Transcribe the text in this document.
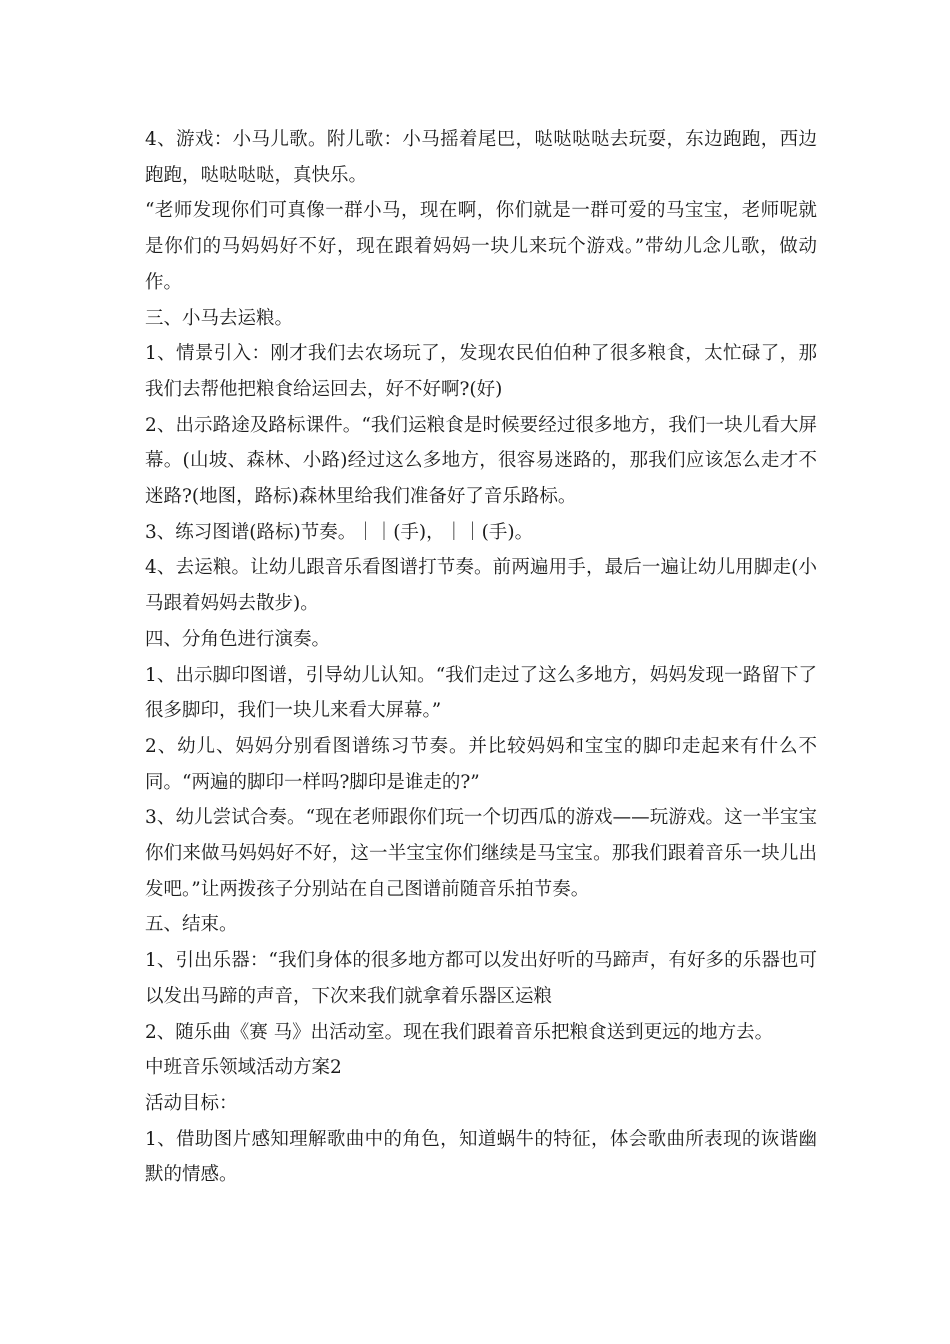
4、游戏：小马儿歌。附儿歌：小马摇着尾巴，哒哒哒哒去玩耍，东边跑跑，西边跑跑，哒哒哒哒，真快乐。

“老师发现你们可真像一群小马，现在啊，你们就是一群可爱的马宝宝，老师呢就是你们的马妈妈好不好，现在跟着妈妈一块儿来玩个游戏。”带幼儿念儿歌，做动作。

三、小马去运粮。

1、情景引入：刚才我们去农场玩了，发现农民伯伯种了很多粮食，太忙碌了，那我们去帮他把粮食给运回去，好不好啊?(好)

2、出示路途及路标课件。“我们运粮食是时候要经过很多地方，我们一块儿看大屏幕。(山坡、森林、小路)经过这么多地方，很容易迷路的，那我们应该怎么走才不迷路?(地图，路标)森林里给我们准备好了音乐路标。

3、练习图谱(路标)节奏。｜｜(手)，｜｜(手)。

4、去运粮。让幼儿跟音乐看图谱打节奏。前两遍用手，最后一遍让幼儿用脚走(小马跟着妈妈去散步)。

四、分角色进行演奏。

1、出示脚印图谱，引导幼儿认知。“我们走过了这么多地方，妈妈发现一路留下了很多脚印，我们一块儿来看大屏幕。”

2、幼儿、妈妈分别看图谱练习节奏。并比较妈妈和宝宝的脚印走起来有什么不同。“两遍的脚印一样吗?脚印是谁走的?”

3、幼儿尝试合奏。“现在老师跟你们玩一个切西瓜的游戏——玩游戏。这一半宝宝你们来做马妈妈好不好，这一半宝宝你们继续是马宝宝。那我们跟着音乐一块儿出发吧。”让两拨孩子分别站在自己图谱前随音乐拍节奏。

五、结束。

1、引出乐器：“我们身体的很多地方都可以发出好听的马蹄声，有好多的乐器也可以发出马蹄的声音，下次来我们就拿着乐器区运粮

2、随乐曲《赛 马》出活动室。现在我们跟着音乐把粮食送到更远的地方去。

中班音乐领域活动方案2

活动目标：

1、借助图片感知理解歌曲中的角色，知道蜗牛的特征，体会歌曲所表现的诙谐幽默的情感。
